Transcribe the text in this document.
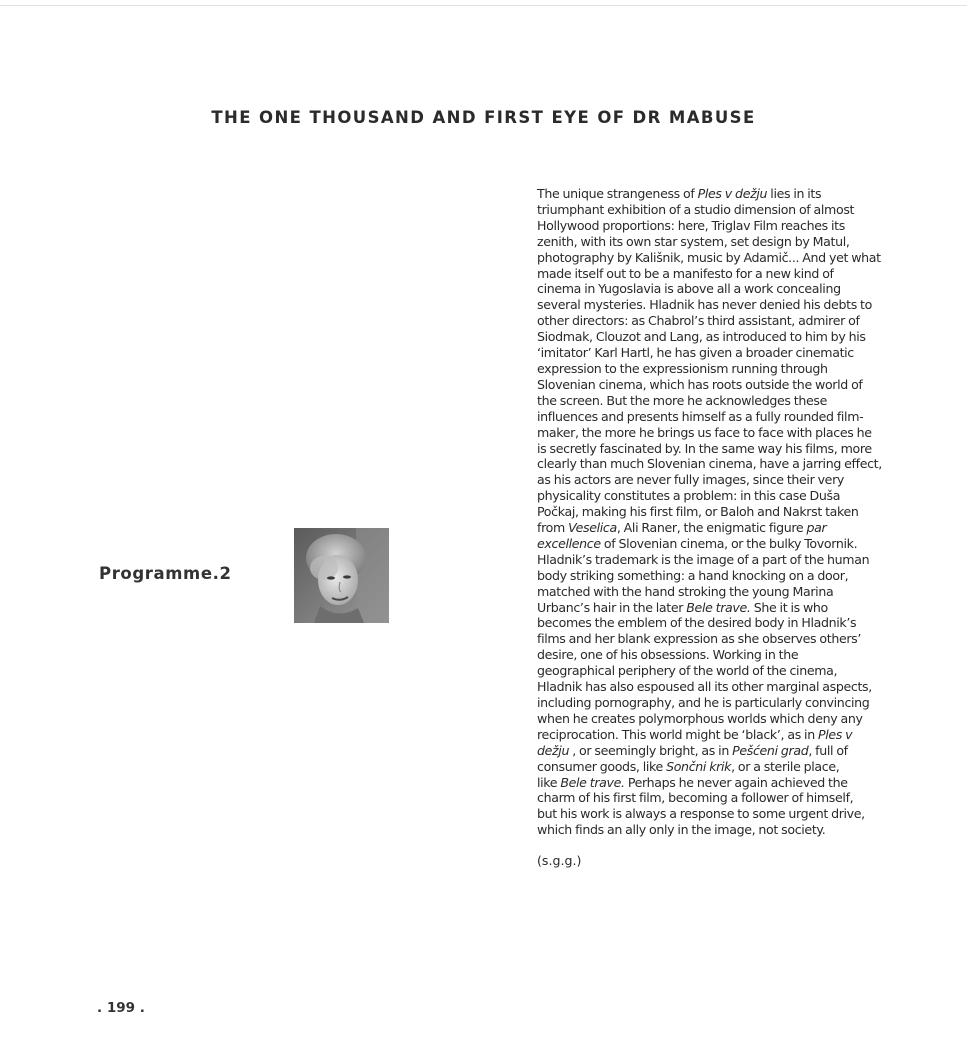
THE ONE THOUSAND AND FIRST EYE OF DR MABUSE
Programme.2
The unique strangeness of Ples v dežju lies in its
triumphant exhibition of a studio dimension of almost
Hollywood proportions: here, Triglav Film reaches its
zenith, with its own star system, set design by Matul,
photography by Kališnik, music by Adamič... And yet what
made itself out to be a manifesto for a new kind of
cinema in Yugoslavia is above all a work concealing
several mysteries. Hladnik has never denied his debts to
other directors: as Chabrol’s third assistant, admirer of
Siodmak, Clouzot and Lang, as introduced to him by his
‘imitator’ Karl Hartl, he has given a broader cinematic
expression to the expressionism running through
Slovenian cinema, which has roots outside the world of
the screen. But the more he acknowledges these
influences and presents himself as a fully rounded film-
maker, the more he brings us face to face with places he
is secretly fascinated by. In the same way his films, more
clearly than much Slovenian cinema, have a jarring effect,
as his actors are never fully images, since their very
physicality constitutes a problem: in this case Duša
Počkaj, making his first film, or Baloh and Nakrst taken
from Veselica, Ali Raner, the enigmatic figure par
excellence of Slovenian cinema, or the bulky Tovornik.
Hladnik’s trademark is the image of a part of the human
body striking something: a hand knocking on a door,
matched with the hand stroking the young Marina
Urbanc’s hair in the later Bele trave. She it is who
becomes the emblem of the desired body in Hladnik’s
films and her blank expression as she observes others’
desire, one of his obsessions. Working in the
geographical periphery of the world of the cinema,
Hladnik has also espoused all its other marginal aspects,
including pornography, and he is particularly convincing
when he creates polymorphous worlds which deny any
reciprocation. This world might be ‘black’, as in Ples v
dežju , or seemingly bright, as in Pešćeni grad, full of
consumer goods, like Sončni krik, or a sterile place,
like Bele trave. Perhaps he never again achieved the
charm of his first film, becoming a follower of himself,
but his work is always a response to some urgent drive,
which finds an ally only in the image, not society.

(s.g.g.)

. 199 .
